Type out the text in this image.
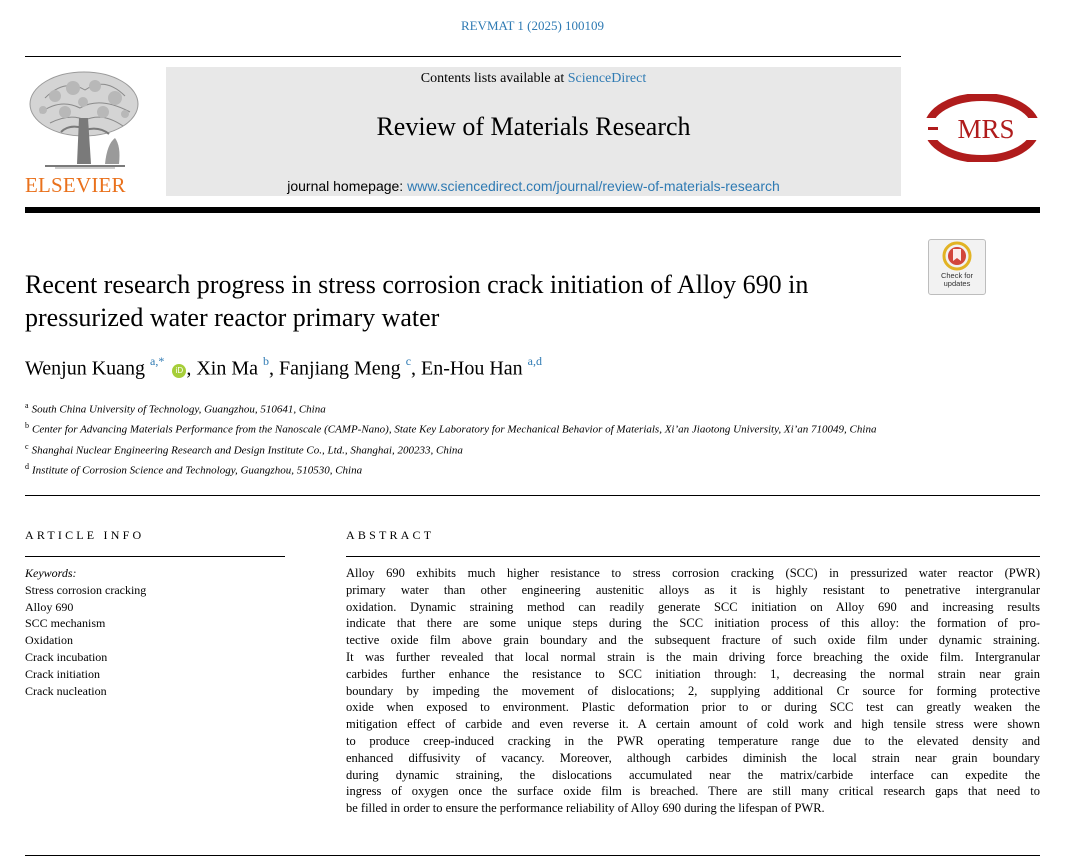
REVMAT 1 (2025) 100109
ELSEVIER
Contents lists available at ScienceDirect
Review of Materials Research
journal homepage: www.sciencedirect.com/journal/review-of-materials-research
MRS
Check for
updates
Recent research progress in stress corrosion crack initiation of Alloy 690 in pressurized water reactor primary water
Wenjun Kuang $^{a,*}$ iD , Xin Ma $^b$, Fanjiang Meng $^c$, En-Hou Han $^{a,d}$

$^a$ South China University of Technology, Guangzhou, 510641, China

$^b$ Center for Advancing Materials Performance from the Nanoscale (CAMP-Nano), State Key Laboratory for Mechanical Behavior of Materials, Xi’an Jiaotong University, Xi’an 710049, China

$^c$ Shanghai Nuclear Engineering Research and Design Institute Co., Ltd., Shanghai, 200233, China

$^d$ Institute of Corrosion Science and Technology, Guangzhou, 510530, China

ARTICLE INFO
Keywords:
Stress corrosion cracking
Alloy 690
SCC mechanism
Oxidation
Crack incubation
Crack initiation
Crack nucleation
ABSTRACT
Alloy 690 exhibits much higher resistance to stress corrosion cracking (SCC) in pressurized water reactor (PWR)
primary water than other engineering austenitic alloys as it is highly resistant to penetrative intergranular
oxidation. Dynamic straining method can readily generate SCC initiation on Alloy 690 and increasing results
indicate that there are some unique steps during the SCC initiation process of this alloy: the formation of pro-
tective oxide film above grain boundary and the subsequent fracture of such oxide film under dynamic straining.
It was further revealed that local normal strain is the main driving force breaching the oxide film. Intergranular
carbides further enhance the resistance to SCC initiation through: 1, decreasing the normal strain near grain
boundary by impeding the movement of dislocations; 2, supplying additional Cr source for forming protective
oxide when exposed to environment. Plastic deformation prior to or during SCC test can greatly weaken the
mitigation effect of carbide and even reverse it. A certain amount of cold work and high tensile stress were shown
to produce creep-induced cracking in the PWR operating temperature range due to the elevated density and
enhanced diffusivity of vacancy. Moreover, although carbides diminish the local strain near grain boundary
during dynamic straining, the dislocations accumulated near the matrix/carbide interface can expedite the
ingress of oxygen once the surface oxide film is breached. There are still many critical research gaps that need to
be filled in order to ensure the performance reliability of Alloy 690 during the lifespan of PWR.
